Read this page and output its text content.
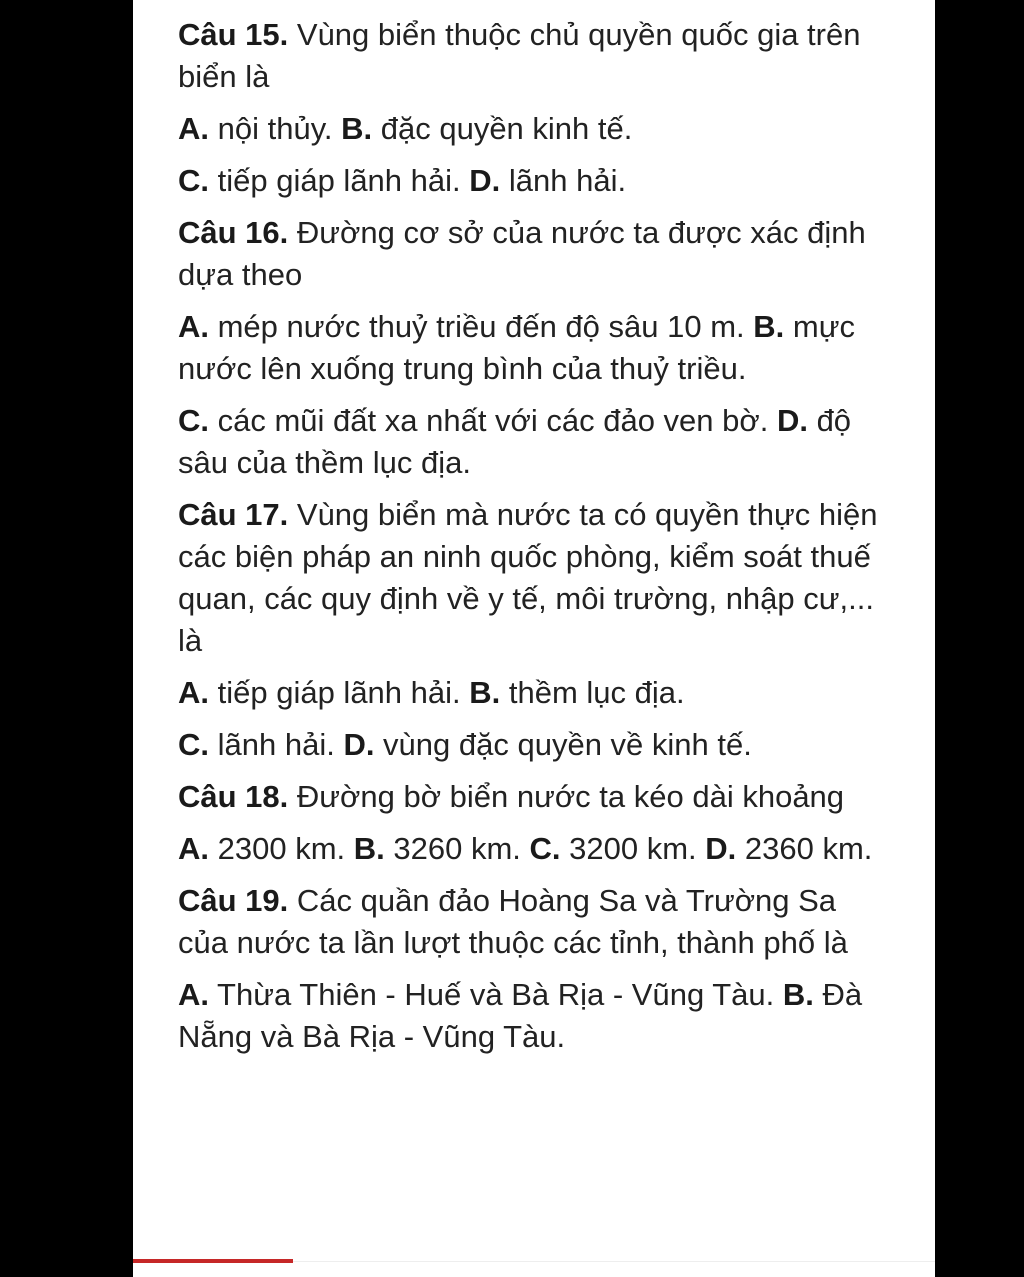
Câu 15. Vùng biển thuộc chủ quyền quốc gia trên biển là

A. nội thủy. B. đặc quyền kinh tế.

C. tiếp giáp lãnh hải. D. lãnh hải.

Câu 16. Đường cơ sở của nước ta được xác định dựa theo

A. mép nước thuỷ triều đến độ sâu 10 m. B. mực nước lên xuống trung bình của thuỷ triều.

C. các mũi đất xa nhất với các đảo ven bờ. D. độ sâu của thềm lục địa.

Câu 17. Vùng biển mà nước ta có quyền thực hiện các biện pháp an ninh quốc phòng, kiểm soát thuế quan, các quy định về y tế, môi trường, nhập cư,... là

A. tiếp giáp lãnh hải. B. thềm lục địa.

C. lãnh hải. D. vùng đặc quyền về kinh tế.

Câu 18. Đường bờ biển nước ta kéo dài khoảng

A. 2300 km. B. 3260 km. C. 3200 km. D. 2360 km.

Câu 19. Các quần đảo Hoàng Sa và Trường Sa của nước ta lần lượt thuộc các tỉnh, thành phố là

A. Thừa Thiên - Huế và Bà Rịa - Vũng Tàu. B. Đà Nẵng và Bà Rịa - Vũng Tàu.
